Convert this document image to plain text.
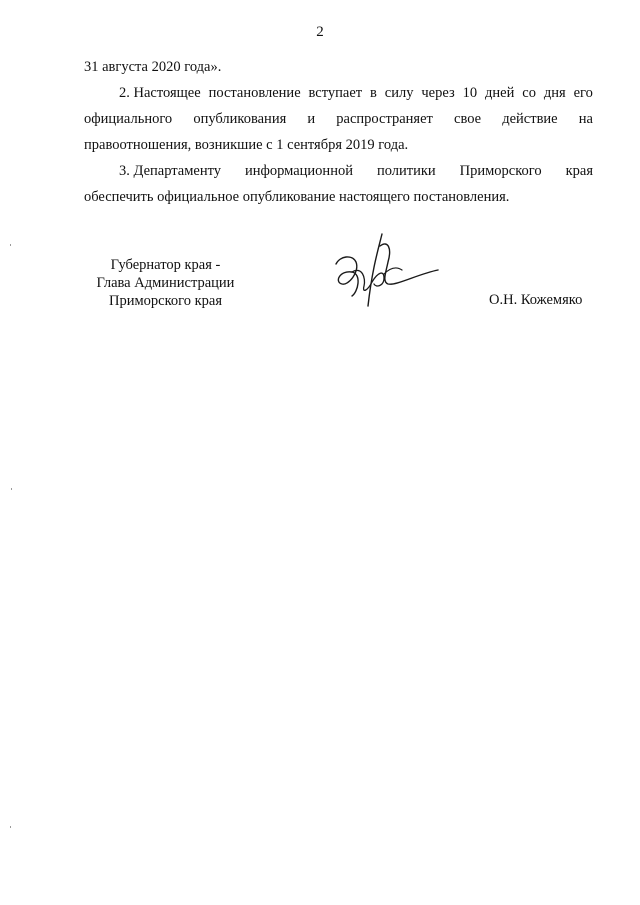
2
31 августа 2020 года».
2. Настоящее постановление вступает в силу через 10 дней со дня его
официального опубликования и распространяет свое действие на
правоотношения, возникшие с 1 сентября 2019 года.
3. Департаменту информационной политики Приморского края
обеспечить официальное опубликование настоящего постановления.
Губернатор края -
Глава Администрации
Приморского края	О.Н. Кожемяко
